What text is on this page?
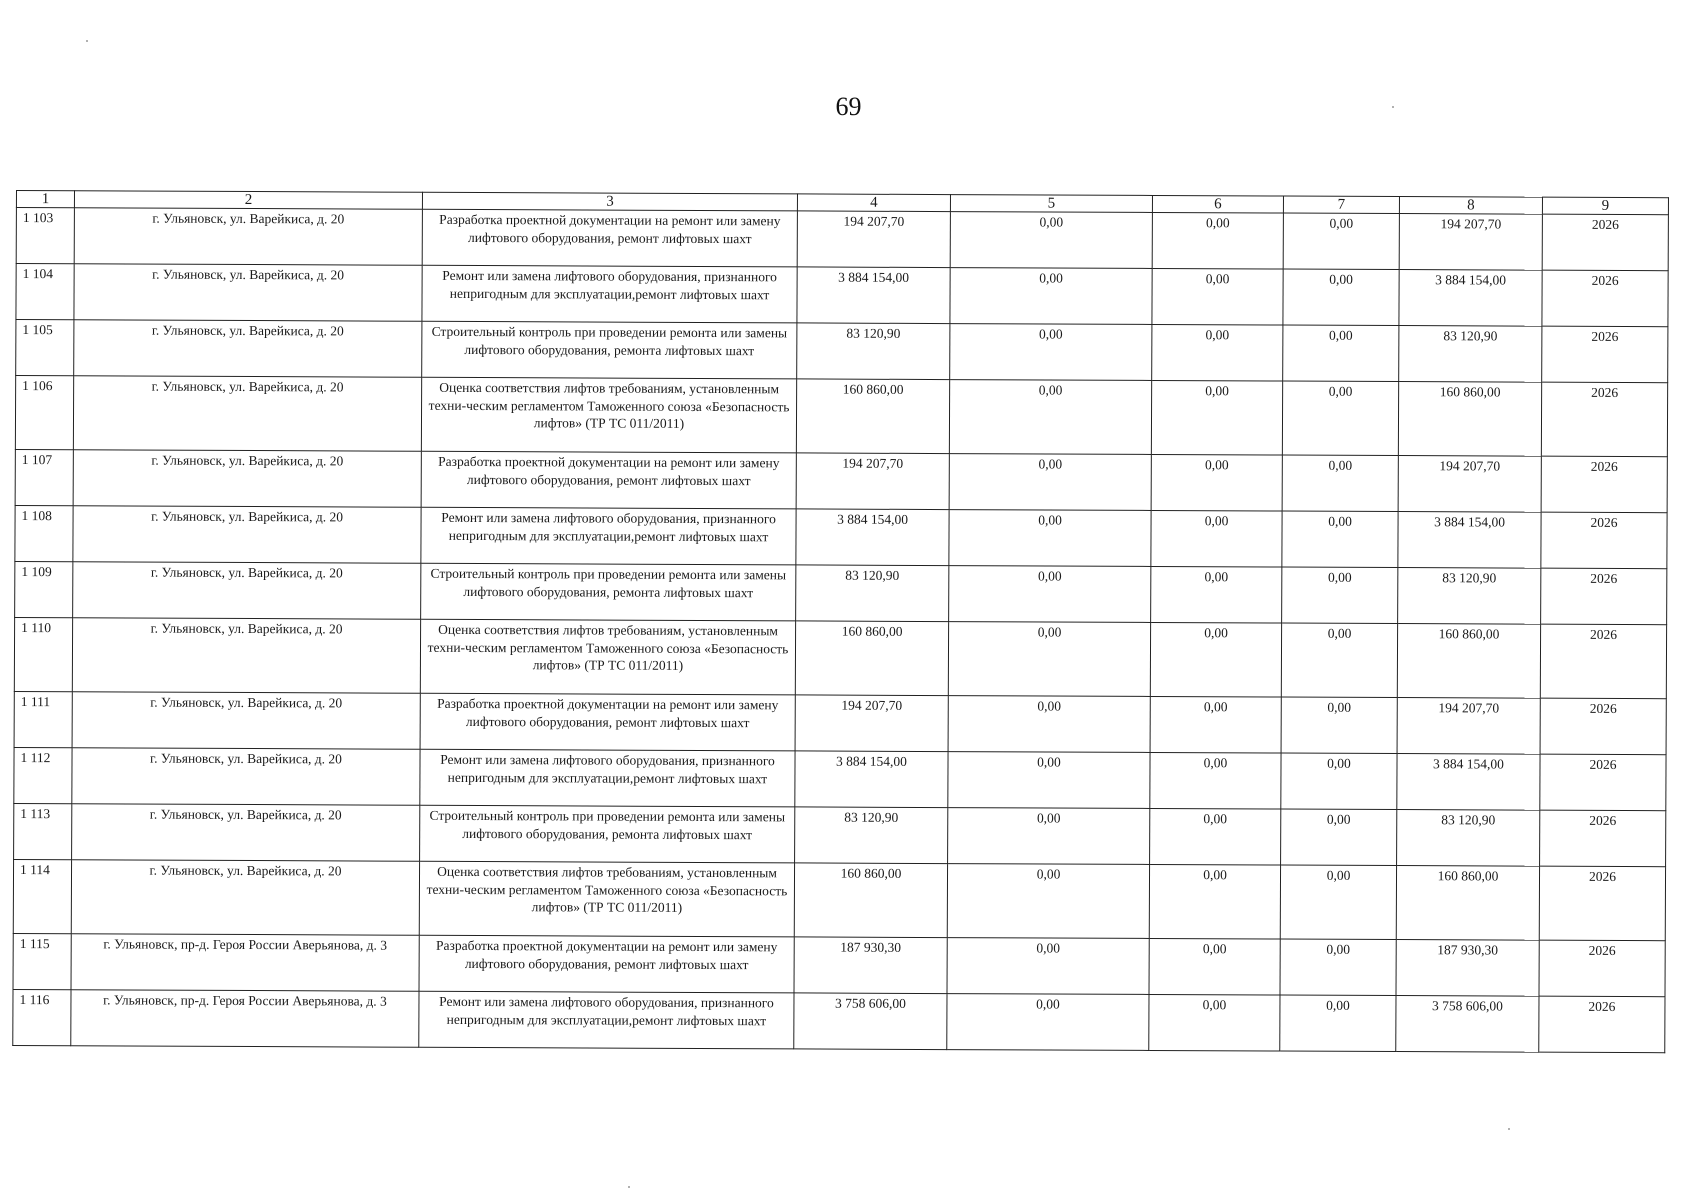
69
1	2	3	4	5	6	7	8	9
1 103	г. Ульяновск, ул. Варейкиса, д. 20	Разработка проектной документации на ремонт или замену лифтового оборудования, ремонт лифтовых шахт	194 207,70	0,00	0,00	0,00	194 207,70	2026
1 104	г. Ульяновск, ул. Варейкиса, д. 20	Ремонт или замена лифтового оборудования, признанного непригодным для эксплуатации,ремонт лифтовых шахт	3 884 154,00	0,00	0,00	0,00	3 884 154,00	2026
1 105	г. Ульяновск, ул. Варейкиса, д. 20	Строительный контроль при проведении ремонта или замены лифтового оборудования, ремонта лифтовых шахт	83 120,90	0,00	0,00	0,00	83 120,90	2026
1 106	г. Ульяновск, ул. Варейкиса, д. 20	Оценка соответствия лифтов требованиям, установленным техни-ческим регламентом Таможенного союза «Безопасность лифтов» (ТР ТС 011/2011)	160 860,00	0,00	0,00	0,00	160 860,00	2026
1 107	г. Ульяновск, ул. Варейкиса, д. 20	Разработка проектной документации на ремонт или замену лифтового оборудования, ремонт лифтовых шахт	194 207,70	0,00	0,00	0,00	194 207,70	2026
1 108	г. Ульяновск, ул. Варейкиса, д. 20	Ремонт или замена лифтового оборудования, признанного непригодным для эксплуатации,ремонт лифтовых шахт	3 884 154,00	0,00	0,00	0,00	3 884 154,00	2026
1 109	г. Ульяновск, ул. Варейкиса, д. 20	Строительный контроль при проведении ремонта или замены лифтового оборудования, ремонта лифтовых шахт	83 120,90	0,00	0,00	0,00	83 120,90	2026
1 110	г. Ульяновск, ул. Варейкиса, д. 20	Оценка соответствия лифтов требованиям, установленным техни-ческим регламентом Таможенного союза «Безопасность лифтов» (ТР ТС 011/2011)	160 860,00	0,00	0,00	0,00	160 860,00	2026
1 111	г. Ульяновск, ул. Варейкиса, д. 20	Разработка проектной документации на ремонт или замену лифтового оборудования, ремонт лифтовых шахт	194 207,70	0,00	0,00	0,00	194 207,70	2026
1 112	г. Ульяновск, ул. Варейкиса, д. 20	Ремонт или замена лифтового оборудования, признанного непригодным для эксплуатации,ремонт лифтовых шахт	3 884 154,00	0,00	0,00	0,00	3 884 154,00	2026
1 113	г. Ульяновск, ул. Варейкиса, д. 20	Строительный контроль при проведении ремонта или замены лифтового оборудования, ремонта лифтовых шахт	83 120,90	0,00	0,00	0,00	83 120,90	2026
1 114	г. Ульяновск, ул. Варейкиса, д. 20	Оценка соответствия лифтов требованиям, установленным техни-ческим регламентом Таможенного союза «Безопасность лифтов» (ТР ТС 011/2011)	160 860,00	0,00	0,00	0,00	160 860,00	2026
1 115	г. Ульяновск, пр-д. Героя России Аверьянова, д. 3	Разработка проектной документации на ремонт или замену лифтового оборудования, ремонт лифтовых шахт	187 930,30	0,00	0,00	0,00	187 930,30	2026
1 116	г. Ульяновск, пр-д. Героя России Аверьянова, д. 3	Ремонт или замена лифтового оборудования, признанного непригодным для эксплуатации,ремонт лифтовых шахт	3 758 606,00	0,00	0,00	0,00	3 758 606,00	2026
